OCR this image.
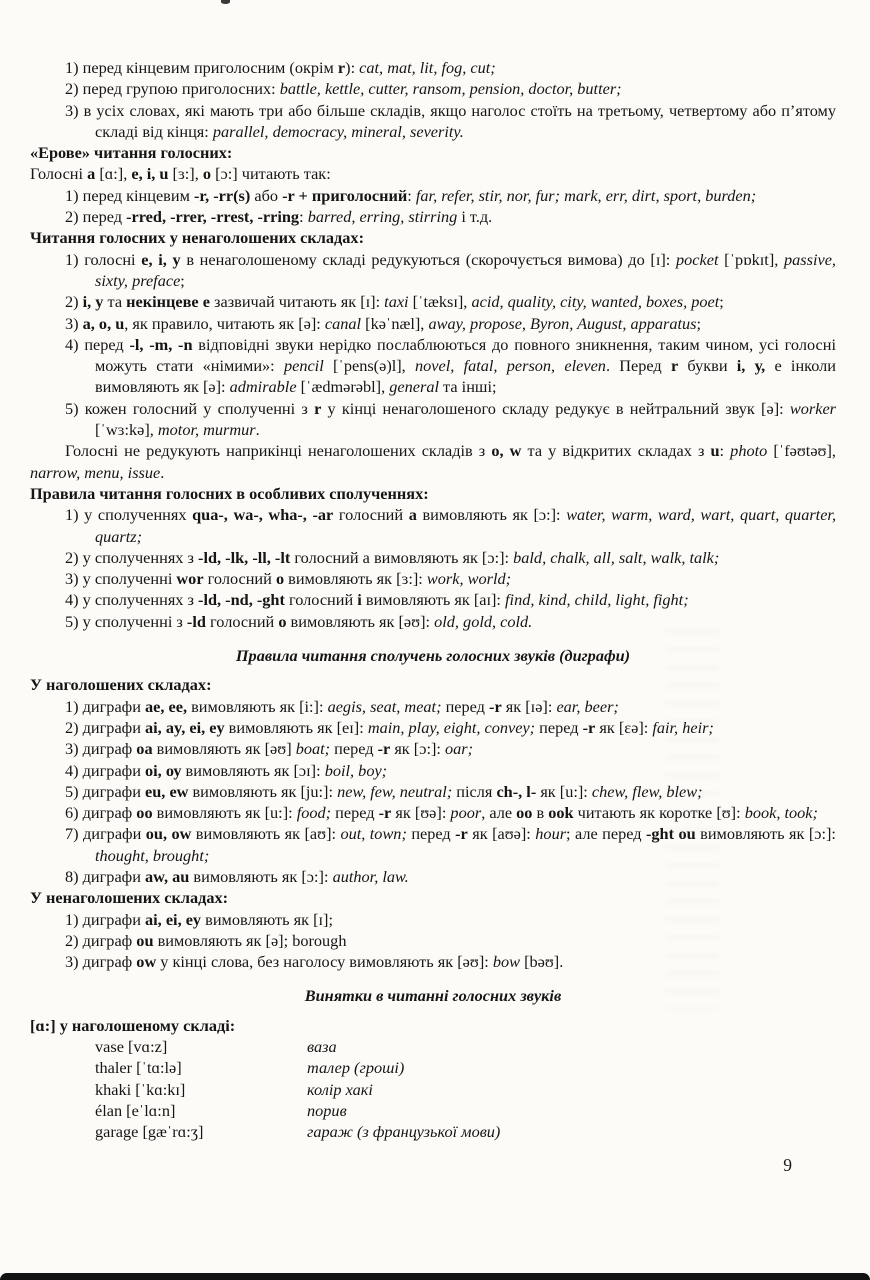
1) перед кінцевим приголосним (окрім r): cat, mat, lit, fog, cut;
2) перед групою приголосних: battle, kettle, cutter, ransom, pension, doctor, butter;
3) в усіх словах, які мають три або більше складів, якщо наголос стоїть на третьому, четвертому або п’ятому складі від кінця: parallel, democracy, mineral, severity.
«Ерове» читання голосних:
Голосні a [ɑ:], e, i, u [ɜ:], o [ɔ:] читають так:
1) перед кінцевим -r, -rr(s) або -r + приголосний: far, refer, stir, nor, fur; mark, err, dirt, sport, burden;
2) перед -rred, -rrer, -rrest, -rring: barred, erring, stirring і т.д.
Читання голосних у ненаголошених складах:
1) голосні e, i, у в ненаголошеному складі редукуються (скорочується вимова) до [ɪ]: pocket [ˈpɒkɪt], passive, sixty, preface;
2) i, у та некінцеве е зазвичай читають як [ɪ]: taxi [ˈtæksɪ], acid, quality, city, wanted, boxes, poet;
3) a, o, u, як правило, читають як [ə]: canal [kəˈnæl], away, propose, Byron, August, apparatus;
4) перед -l, -m, -n відповідні звуки нерідко послаблюються до повного зникнення, таким чином, усі голосні можуть стати «німими»: pencil [ˈpens(ə)l], novel, fatal, person, eleven. Перед r букви i, у, е інколи вимовляють як [ə]: admirable [ˈædmərəbl], general та інші;
5) кожен голосний у сполученні з r у кінці ненаголошеного складу редукує в нейтральний звук [ə]: worker [ˈwɜ:kə], motor, murmur.
Голосні не редукують наприкінці ненаголошених складів з o, w та у відкритих складах з u: photo [ˈfəʊtəʊ], narrow, menu, issue.
Правила читання голосних в особливих сполученнях:
1) у сполученнях qua-, wa-, wha-, -ar голосний a вимовляють як [ɔ:]: water, warm, ward, wart, quart, quarter, quartz;
2) у сполученнях з -ld, -lk, -ll, -lt голосний а вимовляють як [ɔ:]: bald, chalk, all, salt, walk, talk;
3) у сполученні wor голосний o вимовляють як [ɜ:]: work, world;
4) у сполученнях з -ld, -nd, -ght голосний i вимовляють як [aɪ]: find, kind, child, light, fight;
5) у сполученні з -ld голосний o вимовляють як [əʊ]: old, gold, cold.
Правила читання сполучень голосних звуків (диграфи)
У наголошених складах:
1) диграфи ae, ee, вимовляють як [i:]: aegis, seat, meat; перед -r як [ɪə]: ear, beer;
2) диграфи ai, ay, ei, ey вимовляють як [eɪ]: main, play, eight, convey; перед -r як [ɛə]: fair, heir;
3) диграф oa вимовляють як [əʊ] boat; перед -r як [ɔ:]: oar;
4) диграфи oi, оу вимовляють як [ɔɪ]: boil, boy;
5) диграфи eu, ew вимовляють як [ju:]: new, few, neutral; після ch-, l- як [u:]: chew, flew, blew;
6) диграф oo вимовляють як [u:]: food; перед -r як [ʊə]: poor, але oo в ook читають як коротке [ʊ]: book, took;
7) диграфи ou, ow вимовляють як [aʊ]: out, town; перед -r як [aʊə]: hour; але перед -ght ou вимовляють як [ɔ:]: thought, brought;
8) диграфи aw, au вимовляють як [ɔ:]: author, law.
У ненаголошених складах:
1) диграфи ai, ei, ey вимовляють як [ɪ];
2) диграф ou вимовляють як [ə]; borough
3) диграф ow у кінці слова, без наголосу вимовляють як [əʊ]: bow [bəʊ].
Винятки в читанні голосних звуків
[ɑ:] у наголошеному складі:
vase [vɑ:z]	ваза
thaler [ˈtɑ:lə]	талер (гроші)
khaki [ˈkɑ:kɪ]	колір хакі
élan [eˈlɑ:n]	порив
garage [gæˈrɑ:ʒ]	гараж (з французької мови)
9
